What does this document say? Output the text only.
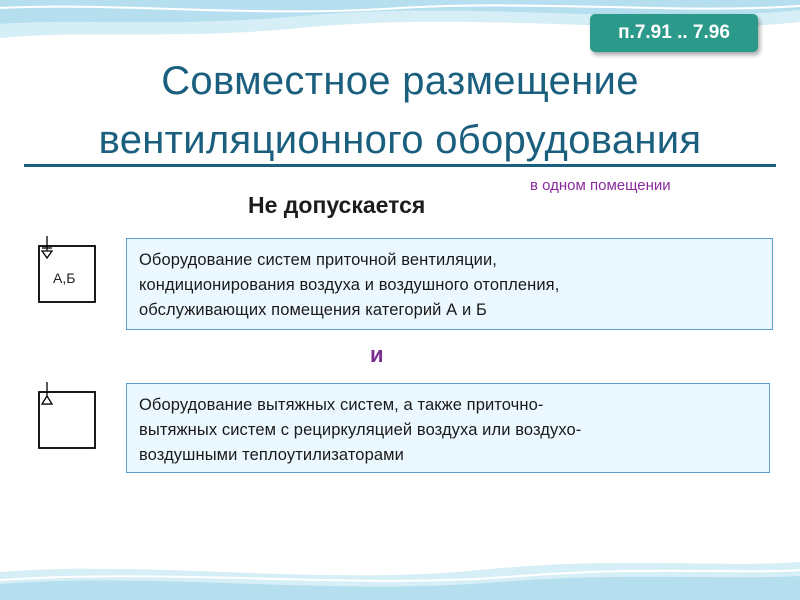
п.7.91 .. 7.96
Совместное размещение
вентиляционного оборудования
в одном помещении
Не допускается
А,Б
Оборудование систем приточной вентиляции,
кондиционирования воздуха и воздушного отопления,
обслуживающих помещения категорий А и Б
и
Оборудование вытяжных систем, а также приточно-
вытяжных систем с рециркуляцией воздуха или воздухо-
воздушными теплоутилизаторами
